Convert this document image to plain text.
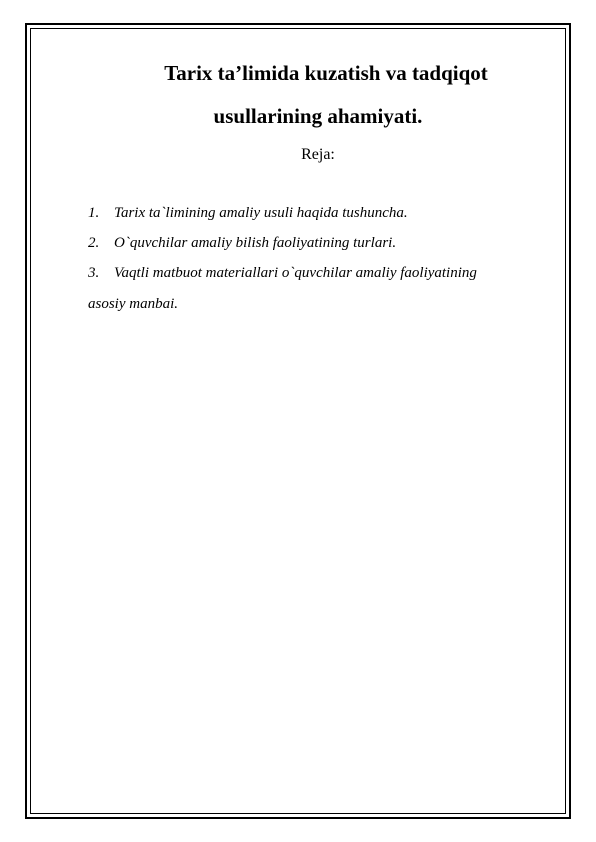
Tarix ta’limida kuzatish va tadqiqot
usullarining ahamiyati.
Reja:
1. Tarix ta`limining amaliy usuli haqida tushuncha.
2. O`quvchilar amaliy bilish faoliyatining turlari.
3. Vaqtli matbuot materiallari o`quvchilar amaliy faoliyatining
asosiy manbai.
